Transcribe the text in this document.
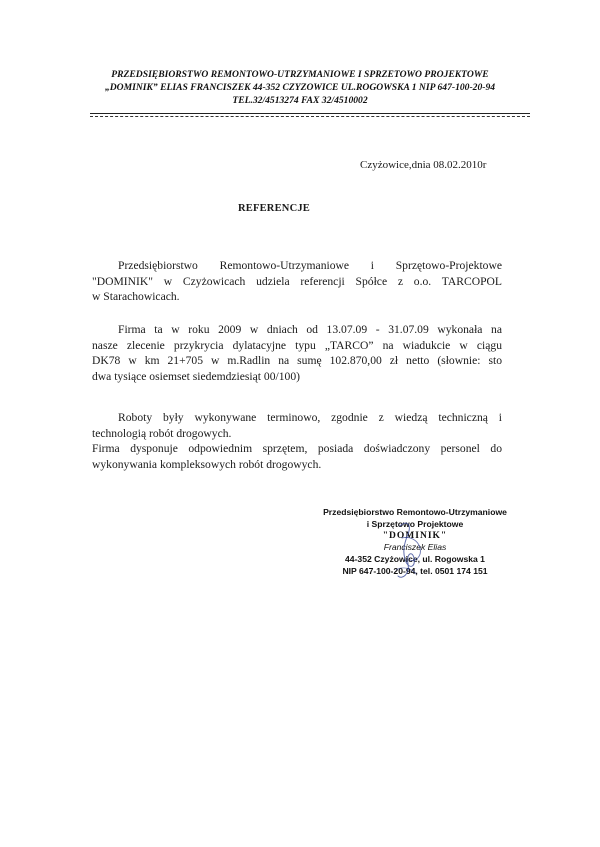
PRZEDSIĘBIORSTWO REMONTOWO-UTRZYMANIOWE I SPRZETOWO PROJEKTOWE
„DOMINIK” ELIAS FRANCISZEK 44-352 CZYZOWICE UL.ROGOWSKA 1 NIP 647-100-20-94
TEL.32/4513274 FAX 32/4510002
Czyżowice,dnia 08.02.2010r
REFERENCJE
Przedsiębiorstwo Remontowo-Utrzymaniowe i Sprzętowo-Projektowe
"DOMINIK" w Czyżowicach udziela referencji Spółce z o.o. TARCOPOL
w Starachowicach.
Firma ta w roku 2009 w dniach od 13.07.09 - 31.07.09 wykonała na
nasze zlecenie przykrycia dylatacyjne typu „TARCO” na wiadukcie w ciągu
DK78 w km 21+705 w m.Radlin na sumę 102.870,00 zł netto (słownie: sto
dwa tysiące osiemset siedemdziesiąt 00/100)
Roboty były wykonywane terminowo, zgodnie z wiedzą techniczną i
technologią robót drogowych.
Firma dysponuje odpowiednim sprzętem, posiada doświadczony personel do
wykonywania kompleksowych robót drogowych.
Przedsiębiorstwo Remontowo-Utrzymaniowe
i Sprzętowo Projektowe
"DOMINIK"
Franciszek Elias
44-352 Czyżowice, ul. Rogowska 1
NIP 647-100-20-94, tel. 0501 174 151
